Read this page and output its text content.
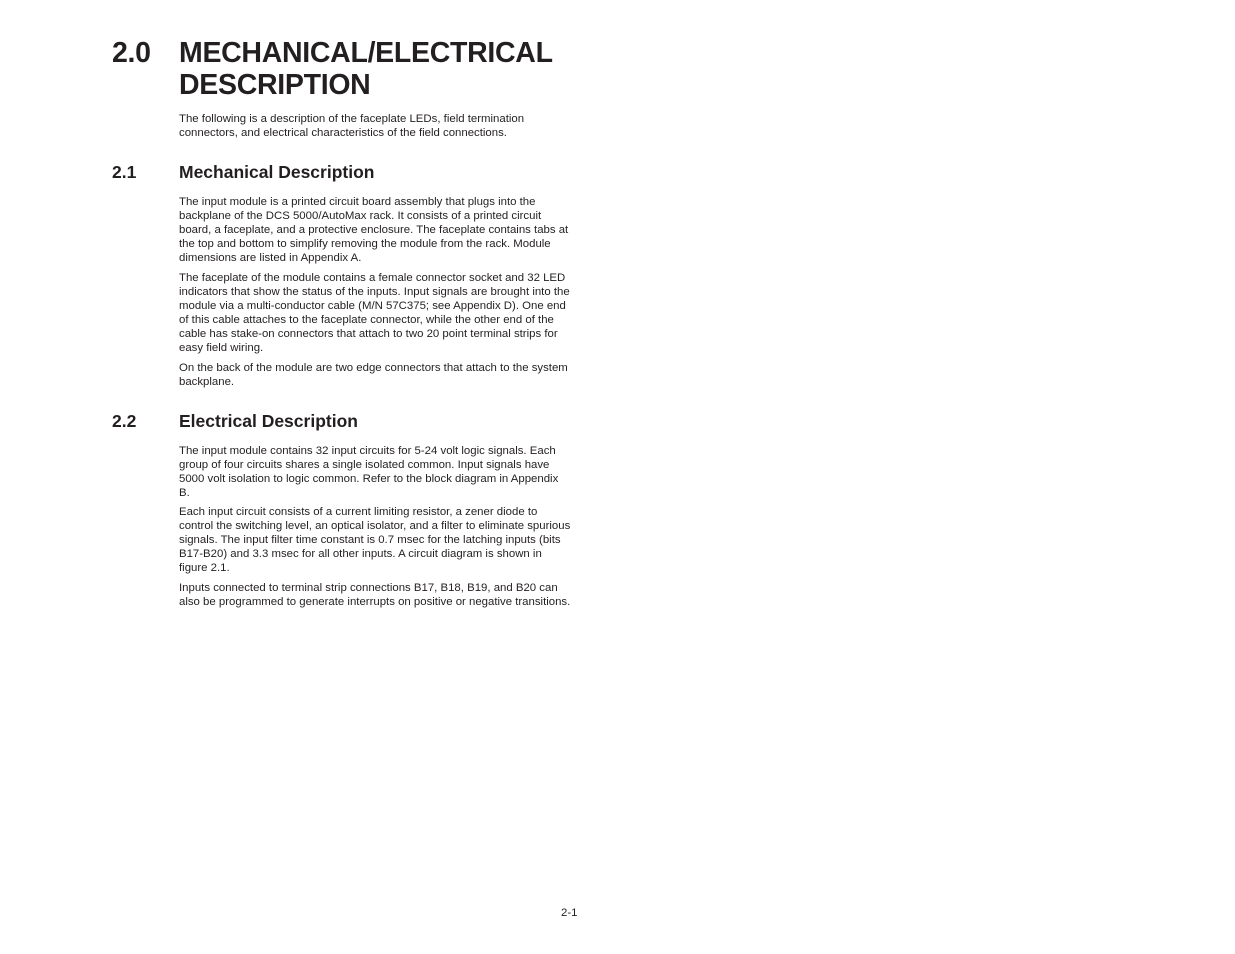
2.0 MECHANICAL/ELECTRICAL
DESCRIPTION

The following is a description of the faceplate LEDs, field termination connectors, and electrical characteristics of the field connections.

2.1 Mechanical Description

The input module is a printed circuit board assembly that plugs into the backplane of the DCS 5000/AutoMax rack. It consists of a printed circuit board, a faceplate, and a protective enclosure. The faceplate contains tabs at the top and bottom to simplify removing the module from the rack. Module dimensions are listed in Appendix A.

The faceplate of the module contains a female connector socket and 32 LED indicators that show the status of the inputs. Input signals are brought into the module via a multi-conductor cable (M/N 57C375; see Appendix D). One end of this cable attaches to the faceplate connector, while the other end of the cable has stake-on connectors that attach to two 20 point terminal strips for easy field wiring.

On the back of the module are two edge connectors that attach to the system backplane.

2.2 Electrical Description

The input module contains 32 input circuits for 5-24 volt logic signals. Each group of four circuits shares a single isolated common. Input signals have 5000 volt isolation to logic common. Refer to the block diagram in Appendix B.

Each input circuit consists of a current limiting resistor, a zener diode to control the switching level, an optical isolator, and a filter to eliminate spurious signals. The input filter time constant is 0.7 msec for the latching inputs (bits B17-B20) and 3.3 msec for all other inputs. A circuit diagram is shown in figure 2.1.

Inputs connected to terminal strip connections B17, B18, B19, and B20 can also be programmed to generate interrupts on positive or negative transitions.

2-1
